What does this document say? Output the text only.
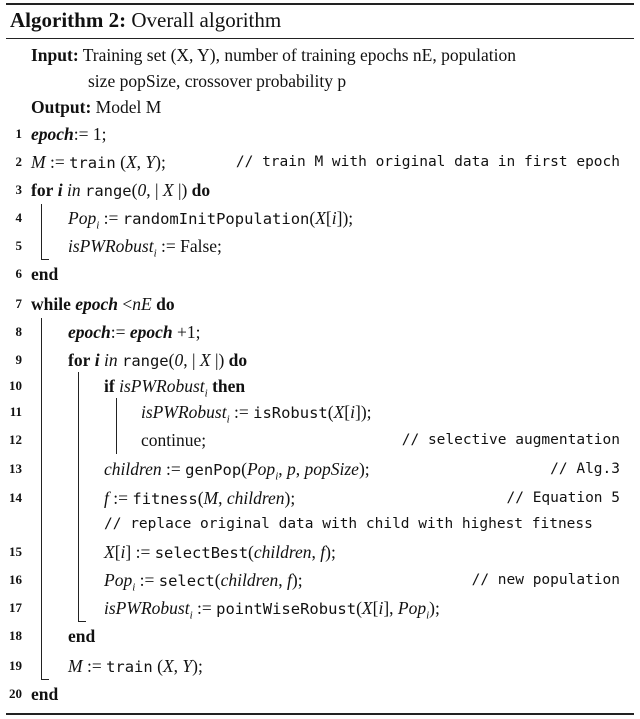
Algorithm 2: Overall algorithm
Input: Training set (X, Y), number of training epochs nE, population
size popSize, crossover probability p
Output: Model M
1 epoch:= 1;
2 M := train (X, Y);	// train M with original data in first epoch
3 for i in range(0, | X |) do
4	Pop$_i$ := randomInitPopulation(X[i]);
5	isPWRobust$_i$ := False;
6 end
7 while epoch <nE do
8	epoch:= epoch +1;
9	for i in range(0, | X |) do
10	if isPWRobust$_i$ then
11	isPWRobust$_i$ := isRobust(X[i]);
12	continue;	// selective augmentation
13	children := genPop(Pop$_i$, p, popSize);	// Alg.3
14	f := fitness(M, children);	// Equation 5
// replace original data with child with highest fitness
15	X[i] := selectBest(children, f);
16	Pop$_i$ := select(children, f);	// new population
17	isPWRobust$_i$ := pointWiseRobust(X[i], Pop$_i$);
18	end
19	M := train (X, Y);
20 end
